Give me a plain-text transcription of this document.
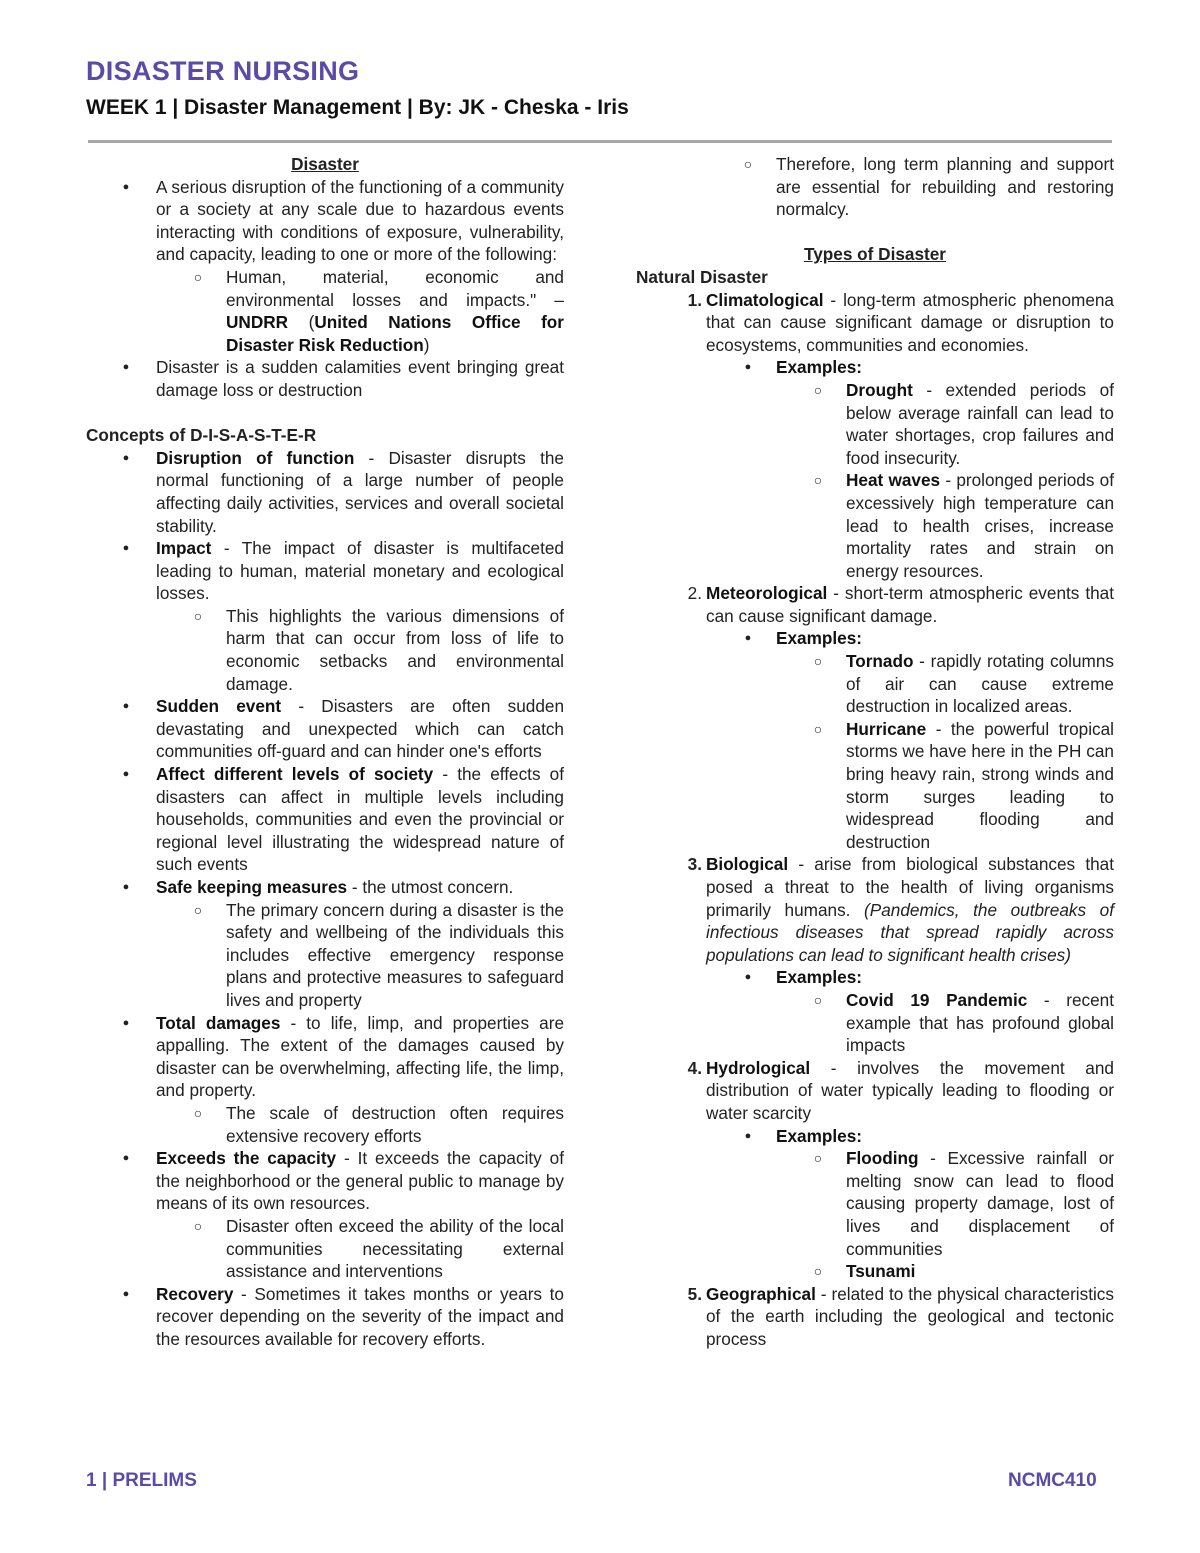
DISASTER NURSING

WEEK 1 | Disaster Management | By: JK - Cheska - Iris

Disaster

●	A serious disruption of the functioning of a community or a society at any scale due to hazardous events interacting with conditions of exposure, vulnerability, and capacity, leading to one or more of the following:
○	Human, material, economic and environmental losses and impacts." – UNDRR (United Nations Office for Disaster Risk Reduction)
●	Disaster is a sudden calamities event bringing great damage loss or destruction

Concepts of D-I-S-A-S-T-E-R

●	Disruption of function - Disaster disrupts the normal functioning of a large number of people affecting daily activities, services and overall societal stability.
●	Impact - The impact of disaster is multifaceted leading to human, material monetary and ecological losses.
○	This highlights the various dimensions of harm that can occur from loss of life to economic setbacks and environmental damage.
●	Sudden event - Disasters are often sudden devastating and unexpected which can catch communities off-guard and can hinder one's efforts
●	Affect different levels of society - the effects of disasters can affect in multiple levels including households, communities and even the provincial or regional level illustrating the widespread nature of such events
●	Safe keeping measures - the utmost concern.
○	The primary concern during a disaster is the safety and wellbeing of the individuals this includes effective emergency response plans and protective measures to safeguard lives and property
●	Total damages - to life, limp, and properties are appalling. The extent of the damages caused by disaster can be overwhelming, affecting life, the limp, and property.
○	The scale of destruction often requires extensive recovery efforts
●	Exceeds the capacity - It exceeds the capacity of the neighborhood or the general public to manage by means of its own resources.
○	Disaster often exceed the ability of the local communities necessitating external assistance and interventions
●	Recovery - Sometimes it takes months or years to recover depending on the severity of the impact and the resources available for recovery efforts.
○	Therefore, long term planning and support are essential for rebuilding and restoring normalcy.

Types of Disaster

Natural Disaster

1. Climatological - long-term atmospheric phenomena that can cause significant damage or disruption to ecosystems, communities and economies.
●	Examples:
○	Drought - extended periods of below average rainfall can lead to water shortages, crop failures and food insecurity.
○	Heat waves - prolonged periods of excessively high temperature can lead to health crises, increase mortality rates and strain on energy resources.
2. Meteorological - short-term atmospheric events that can cause significant damage.
●	Examples:
○	Tornado - rapidly rotating columns of air can cause extreme destruction in localized areas.
○	Hurricane - the powerful tropical storms we have here in the PH can bring heavy rain, strong winds and storm surges leading to widespread flooding and destruction
3. Biological - arise from biological substances that posed a threat to the health of living organisms primarily humans. (Pandemics, the outbreaks of infectious diseases that spread rapidly across populations can lead to significant health crises)
●	Examples:
○	Covid 19 Pandemic - recent example that has profound global impacts
4. Hydrological - involves the movement and distribution of water typically leading to flooding or water scarcity
●	Examples:
○	Flooding - Excessive rainfall or melting snow can lead to flood causing property damage, lost of lives and displacement of communities
○	Tsunami
5. Geographical - related to the physical characteristics of the earth including the geological and tectonic process
1 | PRELIMS	NCMC410
